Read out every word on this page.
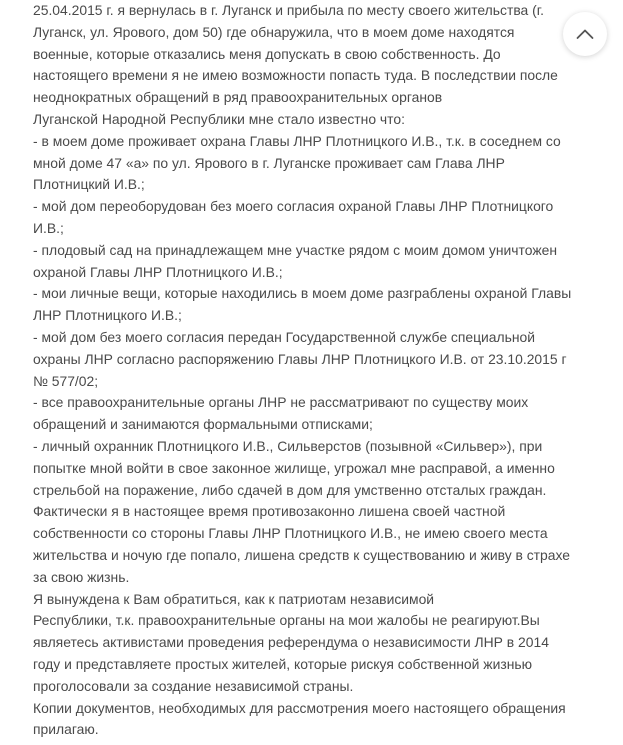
25.04.2015 г. я вернулась в г. Луганск и прибыла по месту своего жительства (г.
Луганск, ул. Ярового, дом 50) где обнаружила, что в моем доме находятся
военные, которые отказались меня допускать в свою собственность. До
настоящего времени я не имею возможности попасть туда. В последствии после
неоднократных обращений в ряд правоохранительных органов
Луганской Народной Республики мне стало известно что:
- в моем доме проживает охрана Главы ЛНР Плотницкого И.В., т.к. в соседнем со
мной доме 47 «а» по ул. Ярового в г. Луганске проживает сам Глава ЛНР
Плотницкий И.В.;
- мой дом переоборудован без моего согласия охраной Главы ЛНР Плотницкого
И.В.;
- плодовый сад на принадлежащем мне участке рядом с моим домом уничтожен
охраной Главы ЛНР Плотницкого И.В.;
- мои личные вещи, которые находились в моем доме разграблены охраной Главы
ЛНР Плотницкого И.В.;
- мой дом без моего согласия передан Государственной службе специальной
охраны ЛНР согласно распоряжению Главы ЛНР Плотницкого И.В. от 23.10.2015 г
№ 577/02;
- все правоохранительные органы ЛНР не рассматривают по существу моих
обращений и занимаются формальными отписками;
- личный охранник Плотницкого И.В., Сильверстов (позывной «Сильвер»), при
попытке мной войти в свое законное жилище, угрожал мне расправой, а именно
стрельбой на поражение, либо сдачей в дом для умственно отсталых граждан.
Фактически я в настоящее время противозаконно лишена своей частной
собственности со стороны Главы ЛНР Плотницкого И.В., не имею своего места
жительства и ночую где попало, лишена средств к существованию и живу в страхе
за свою жизнь.
Я вынуждена к Вам обратиться, как к патриотам независимой
Республики, т.к. правоохранительные органы на мои жалобы не реагируют.Вы
являетесь активистами проведения референдума о независимости ЛНР в 2014
году и представляете простых жителей, которые рискуя собственной жизнью
проголосовали за создание независимой страны.
Копии документов, необходимых для рассмотрения моего настоящего обращения
прилагаю.
